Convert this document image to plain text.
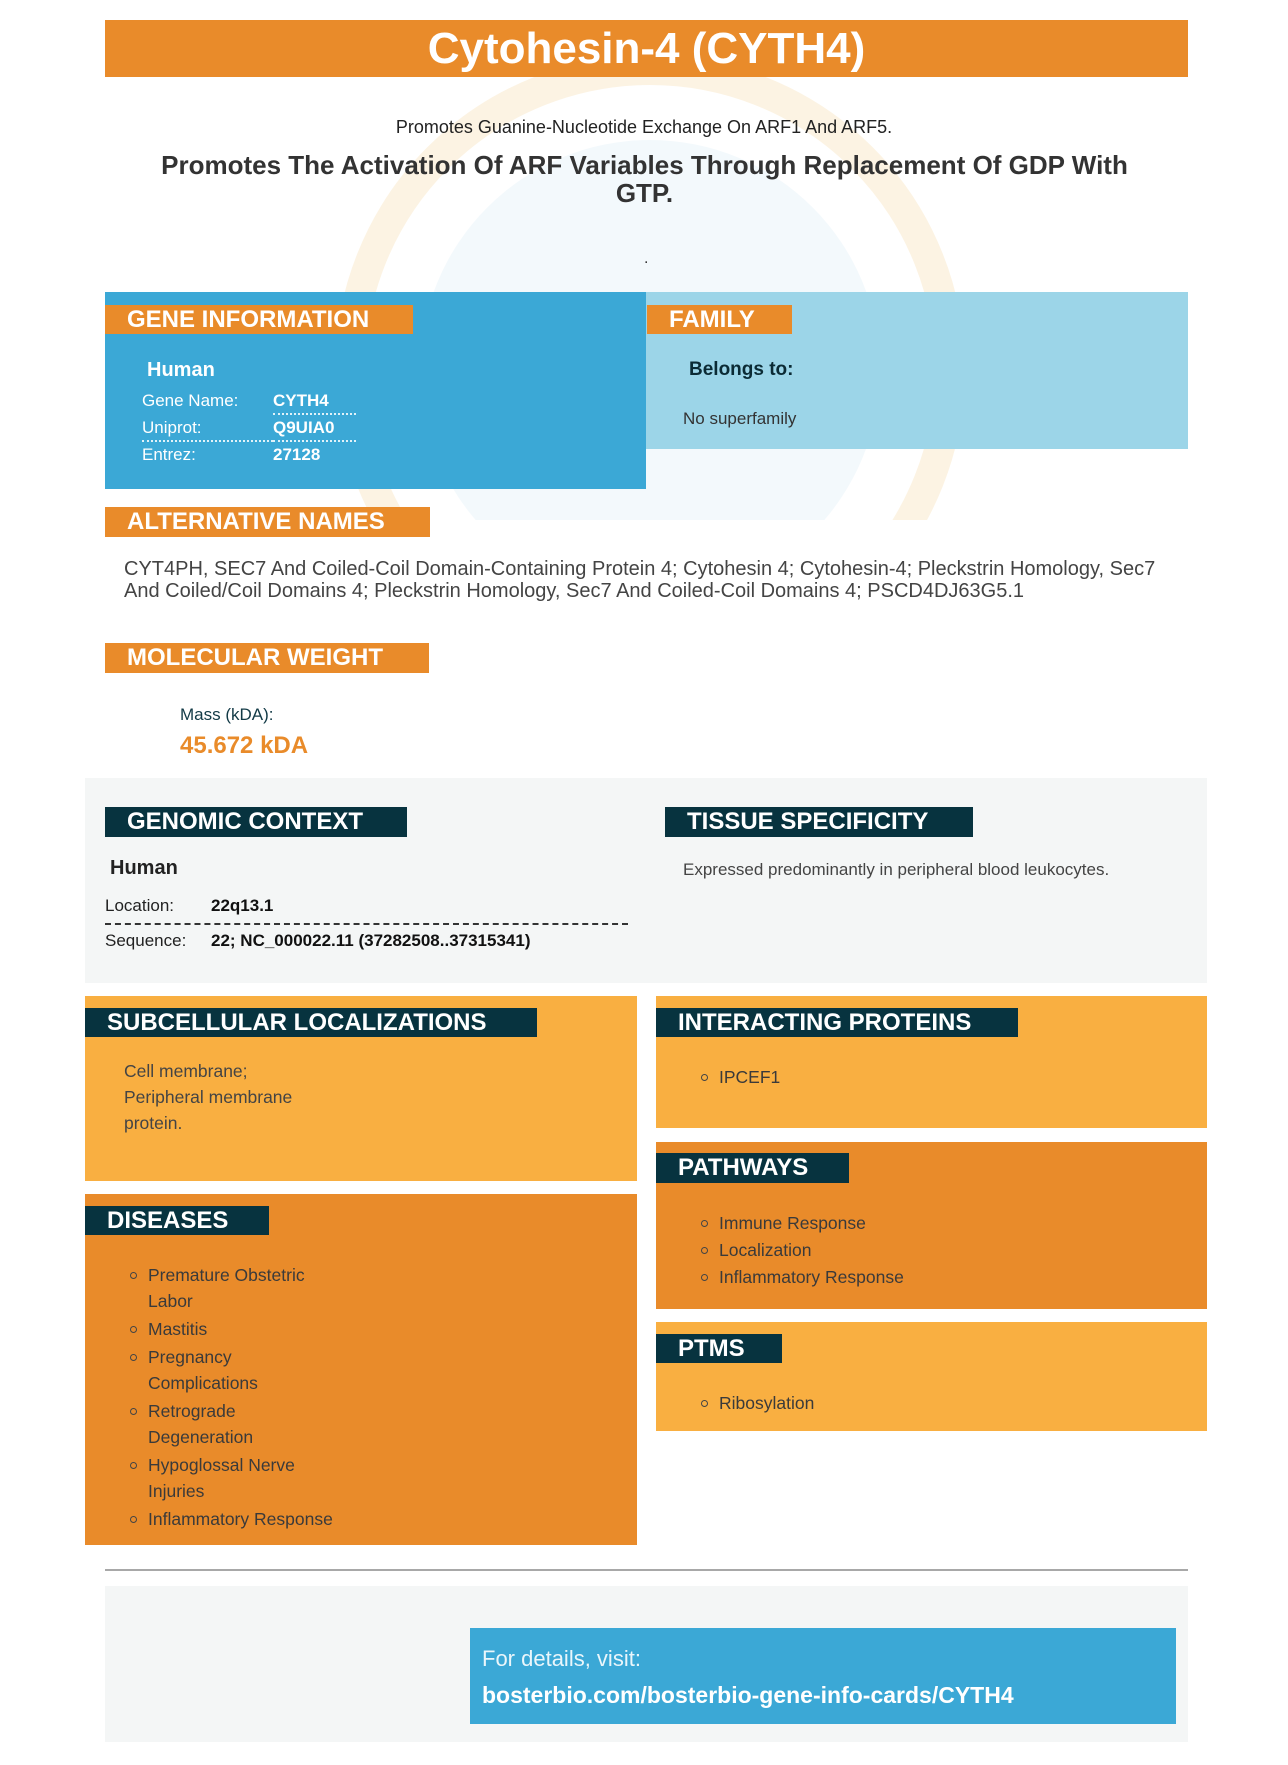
Cytohesin-4 (CYTH4)
Promotes Guanine-Nucleotide Exchange On ARF1 And ARF5.
Promotes The Activation Of ARF Variables Through Replacement Of GDP With GTP.
.
GENE INFORMATION
Human
Gene Name:	CYTH4
Uniprot:	Q9UIA0
Entrez:	27128
FAMILY
Belongs to:
No superfamily
ALTERNATIVE NAMES
CYT4PH, SEC7 And Coiled-Coil Domain-Containing Protein 4; Cytohesin 4; Cytohesin-4; Pleckstrin Homology, Sec7 And Coiled/Coil Domains 4; Pleckstrin Homology, Sec7 And Coiled-Coil Domains 4; PSCD4DJ63G5.1
MOLECULAR WEIGHT
Mass (kDA):
45.672 kDA
GENOMIC CONTEXT
Human
Location: 22q13.1
Sequence: 22; NC_000022.11 (37282508..37315341)
TISSUE SPECIFICITY
Expressed predominantly in peripheral blood leukocytes.
SUBCELLULAR LOCALIZATIONS
Cell membrane; Peripheral membrane protein.
INTERACTING PROTEINS
IPCEF1
DISEASES
Premature Obstetric Labor
Mastitis
Pregnancy Complications
Retrograde Degeneration
Hypoglossal Nerve Injuries
Inflammatory Response
PATHWAYS
Immune Response
Localization
Inflammatory Response
PTMS
Ribosylation
For details, visit:
bosterbio.com/bosterbio-gene-info-cards/CYTH4
